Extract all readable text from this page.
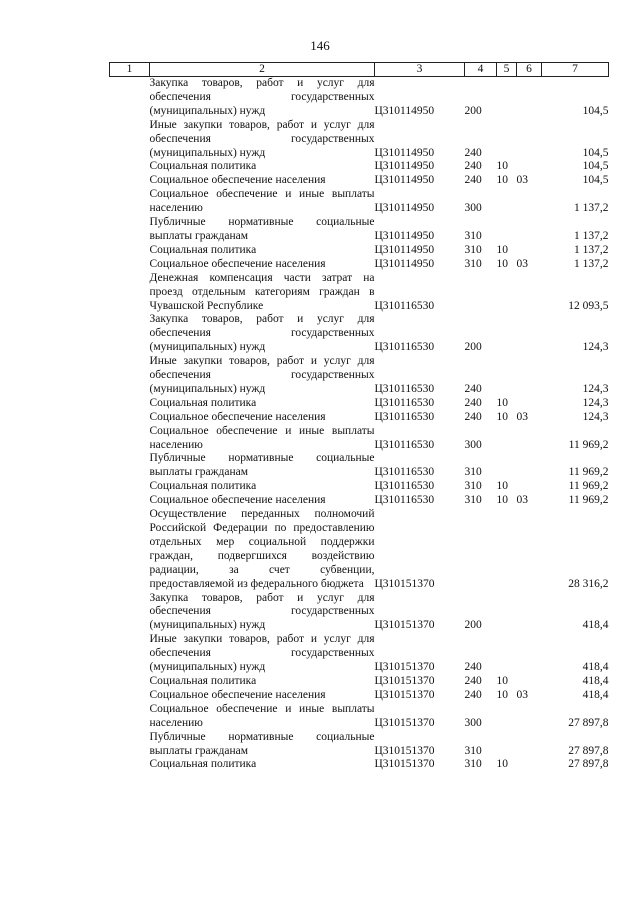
146
1	2	3	4	5	6	7
	Закупка товаров, работ и услуг для обеспечения государственных (муниципальных) нужд	Ц310114950	200			104,5
	Иные закупки товаров, работ и услуг для обеспечения государственных (муниципальных) нужд	Ц310114950	240			104,5
	Социальная политика	Ц310114950	240	10		104,5
	Социальное обеспечение населения	Ц310114950	240	10	03	104,5
	Социальное обеспечение и иные выплаты населению	Ц310114950	300			1 137,2
	Публичные нормативные социальные выплаты гражданам	Ц310114950	310			1 137,2
	Социальная политика	Ц310114950	310	10		1 137,2
	Социальное обеспечение населения	Ц310114950	310	10	03	1 137,2
	Денежная компенсация части затрат на проезд отдельным категориям граждан в Чувашской Республике	Ц310116530				12 093,5
	Закупка товаров, работ и услуг для обеспечения государственных (муниципальных) нужд	Ц310116530	200			124,3
	Иные закупки товаров, работ и услуг для обеспечения государственных (муниципальных) нужд	Ц310116530	240			124,3
	Социальная политика	Ц310116530	240	10		124,3
	Социальное обеспечение населения	Ц310116530	240	10	03	124,3
	Социальное обеспечение и иные выплаты населению	Ц310116530	300			11 969,2
	Публичные нормативные социальные выплаты гражданам	Ц310116530	310			11 969,2
	Социальная политика	Ц310116530	310	10		11 969,2
	Социальное обеспечение населения	Ц310116530	310	10	03	11 969,2
	Осуществление переданных полномочий Российской Федерации по предоставлению отдельных мер социальной поддержки граждан, подвергшихся воздействию радиации, за счет субвенции, предоставляемой из федерального бюджета	Ц310151370				28 316,2
	Закупка товаров, работ и услуг для обеспечения государственных (муниципальных) нужд	Ц310151370	200			418,4
	Иные закупки товаров, работ и услуг для обеспечения государственных (муниципальных) нужд	Ц310151370	240			418,4
	Социальная политика	Ц310151370	240	10		418,4
	Социальное обеспечение населения	Ц310151370	240	10	03	418,4
	Социальное обеспечение и иные выплаты населению	Ц310151370	300			27 897,8
	Публичные нормативные социальные выплаты гражданам	Ц310151370	310			27 897,8
	Социальная политика	Ц310151370	310	10		27 897,8
